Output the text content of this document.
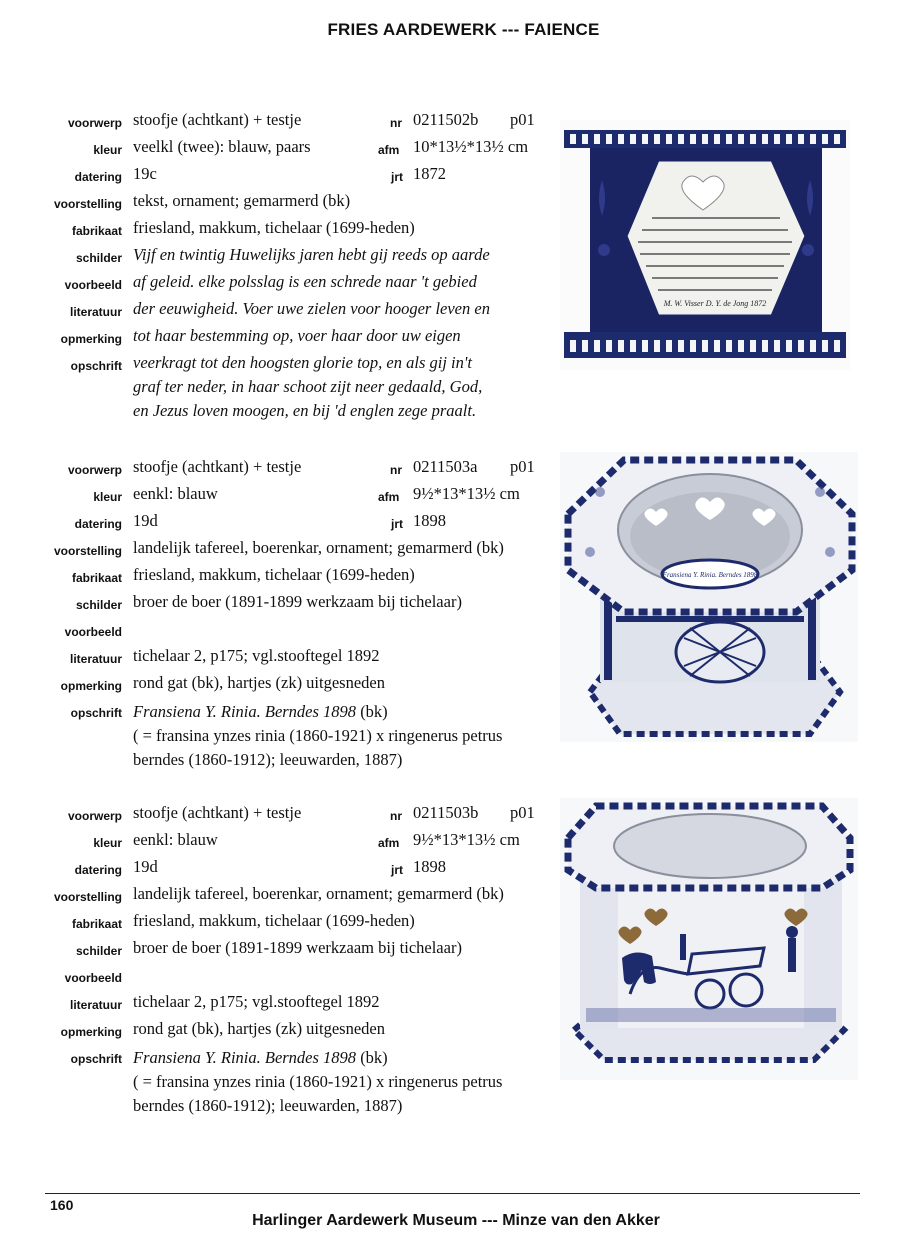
FRIES AARDEWERK --- FAIENCE
voorwerp stoofje (achtkant) + testje	nr 0211502b p01
kleur veelkl (twee): blauw, paars	afm 10*13½*13½ cm
datering 19c	jrt 1872
voorstelling tekst, ornament; gemarmerd (bk)
fabrikaat friesland, makkum, tichelaar (1699-heden)
schilder Vijf en twintig Huwelijks jaren hebt gij reeds op aarde
voorbeeld af geleid. elke polsslag is een schrede naar 't gebied
literatuur der eeuwigheid. Voer uwe zielen voor hooger leven en
opmerking tot haar bestemming op, voer haar door uw eigen
opschrift veerkragt tot den hoogsten glorie top, en als gij in't
graf ter neder, in haar schoot zijt neer gedaald, God,
en Jezus loven moogen, en bij 'd englen zege praalt.
M. W. Visser D. Y. de Jong 1872
voorwerp stoofje (achtkant) + testje	nr 0211503a p01
kleur eenkl: blauw	afm 9½*13*13½ cm
datering 19d	jrt 1898
voorstelling landelijk tafereel, boerenkar, ornament; gemarmerd (bk)
fabrikaat friesland, makkum, tichelaar (1699-heden)
schilder broer de boer (1891-1899 werkzaam bij tichelaar)
voorbeeld
literatuur tichelaar 2, p175; vgl.stooftegel 1892
opmerking rond gat (bk), hartjes (zk) uitgesneden
opschrift Fransiena Y. Rinia. Berndes 1898 (bk)
( = fransina ynzes rinia (1860-1921) x ringenerus petrus
berndes (1860-1912); leeuwarden, 1887)
Fransiena Y. Rinia. Berndes 1898
voorwerp stoofje (achtkant) + testje	nr 0211503b p01
kleur eenkl: blauw	afm 9½*13*13½ cm
datering 19d	jrt 1898
voorstelling landelijk tafereel, boerenkar, ornament; gemarmerd (bk)
fabrikaat friesland, makkum, tichelaar (1699-heden)
schilder broer de boer (1891-1899 werkzaam bij tichelaar)
voorbeeld
literatuur tichelaar 2, p175; vgl.stooftegel 1892
opmerking rond gat (bk), hartjes (zk) uitgesneden
opschrift Fransiena Y. Rinia. Berndes 1898 (bk)
( = fransina ynzes rinia (1860-1921) x ringenerus petrus
berndes (1860-1912); leeuwarden, 1887)
160
Harlinger Aardewerk Museum --- Minze van den Akker
